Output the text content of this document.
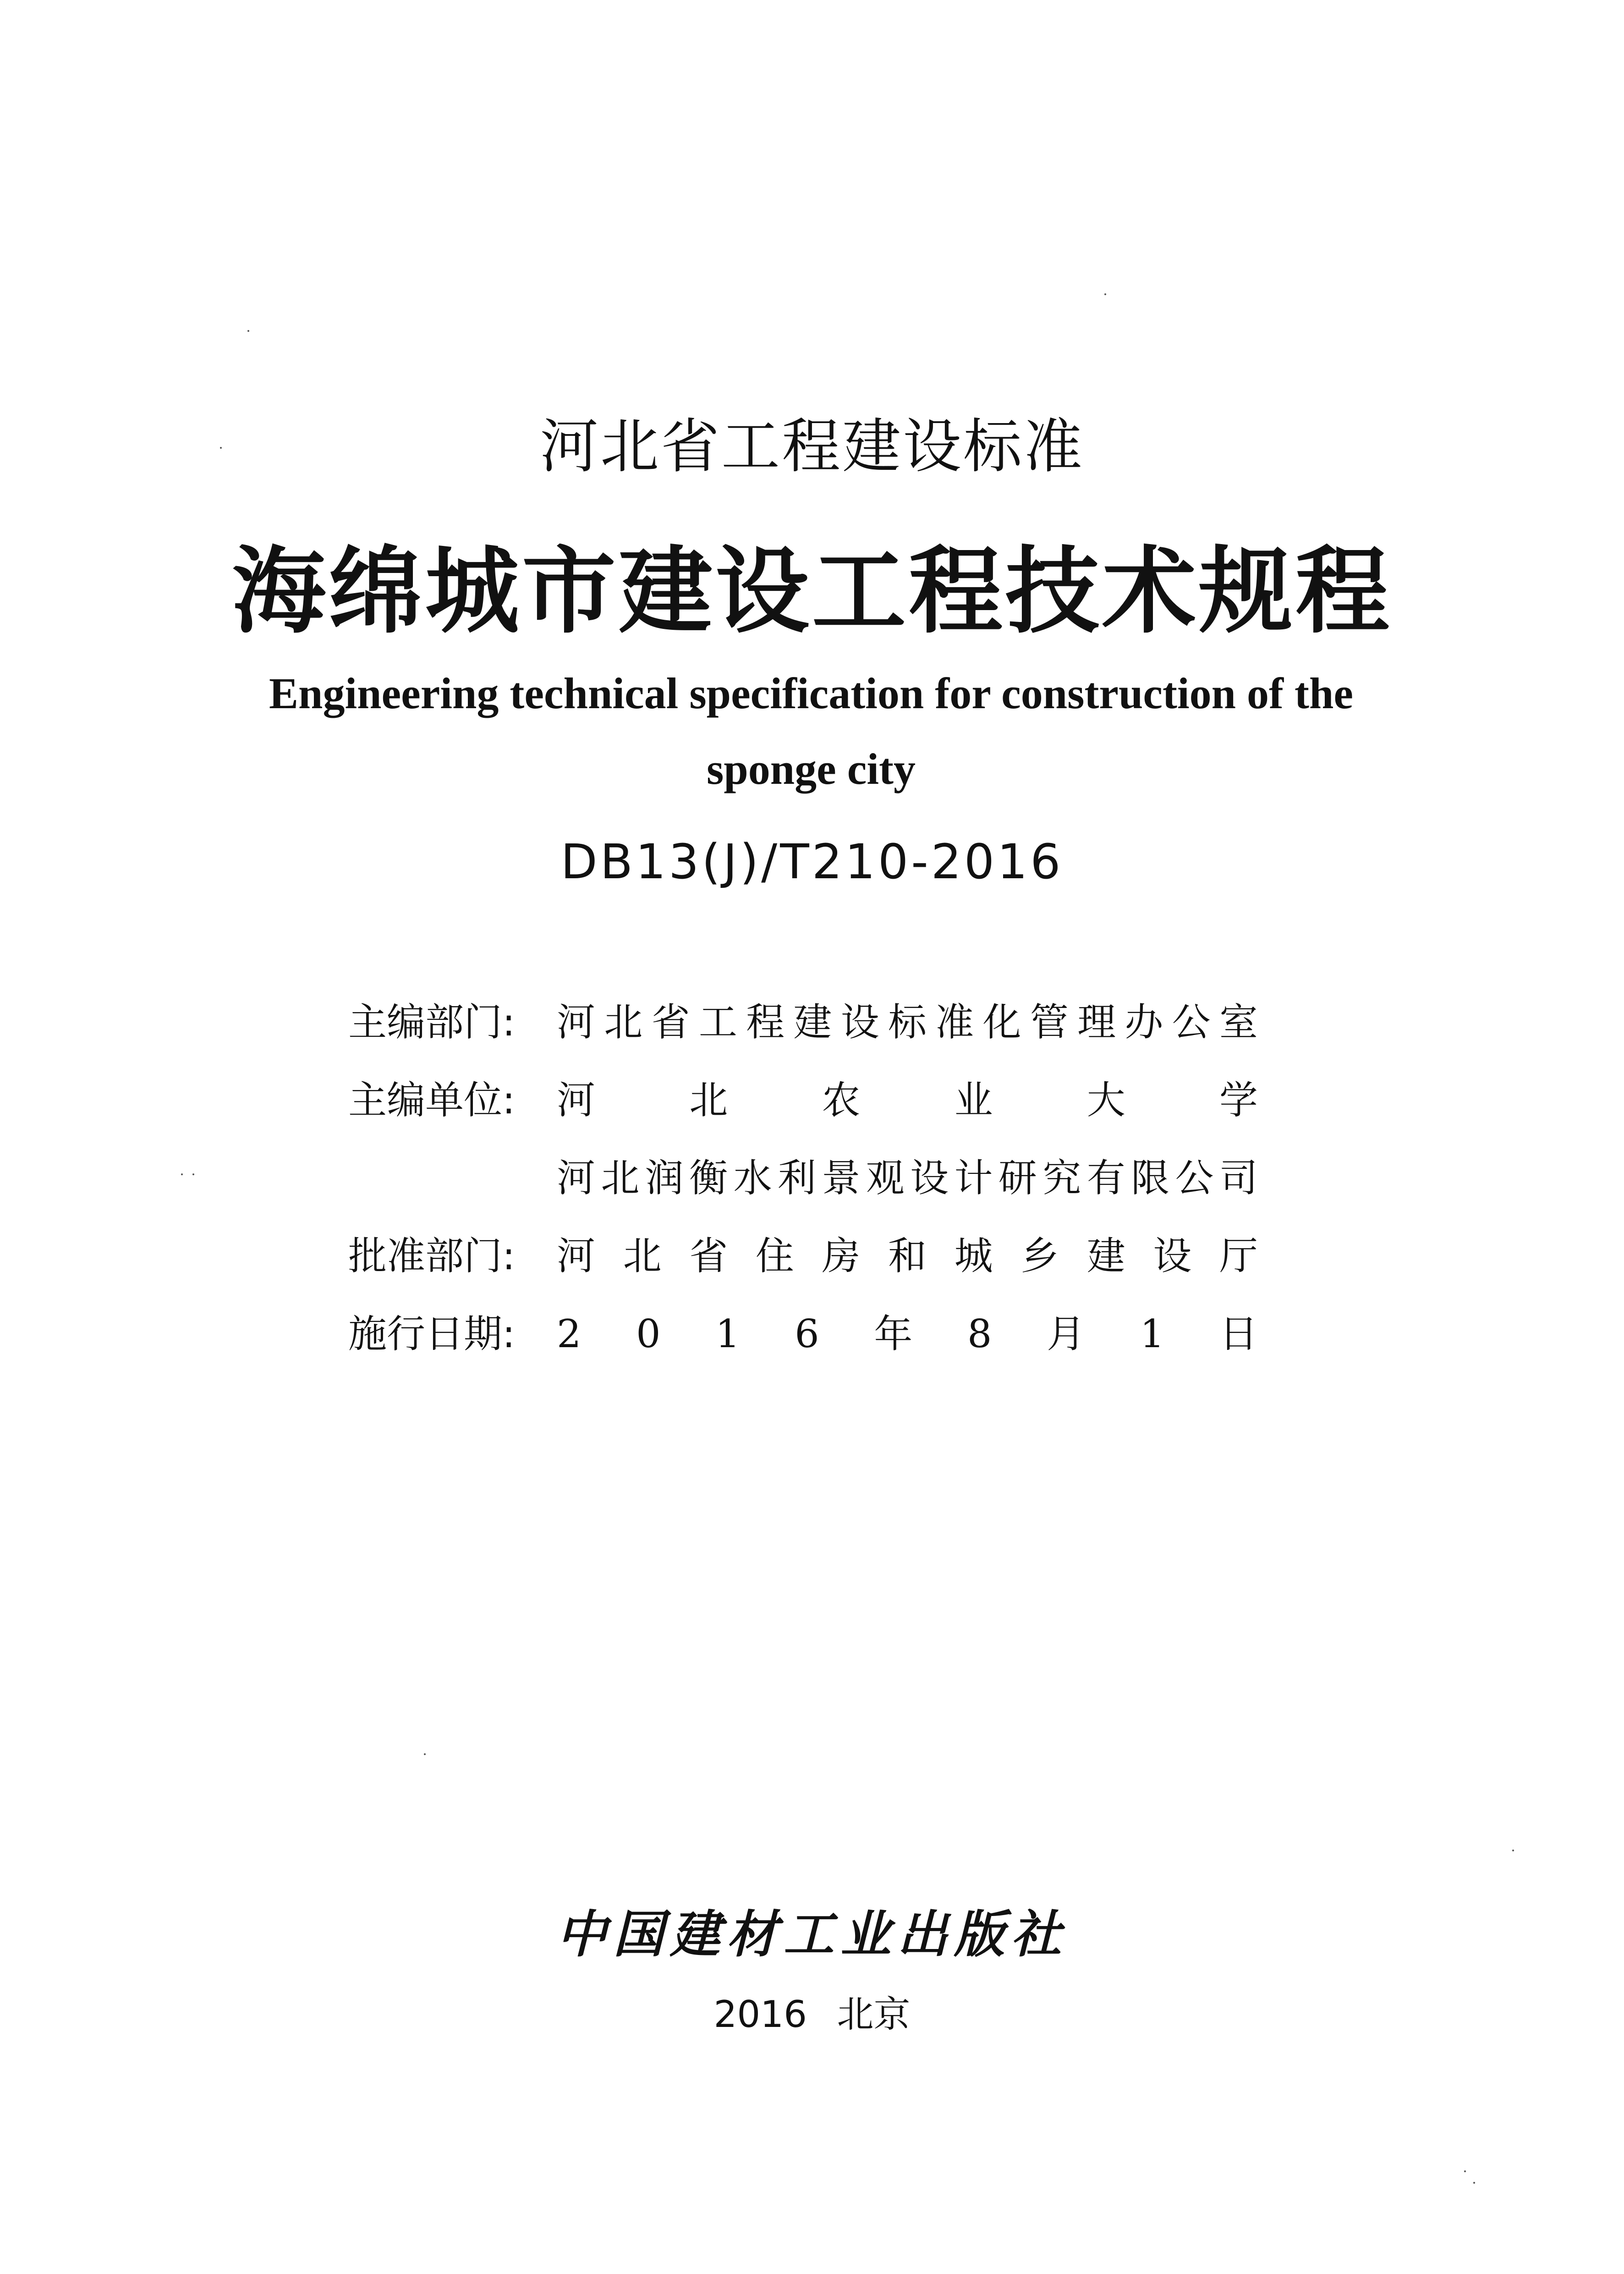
河北省工程建设标准
海绵城市建设工程技术规程
Engineering technical specification for construction of the sponge city
DB13(J)/T210-2016
主编部门:	河 北 省 工 程 建 设 标 准 化 管 理 办 公 室
主编单位:	河 北 农 业 大 学
河 北 润 衡 水 利 景 观 设 计 研 究 有 限 公 司
批准部门:	河 北 省 住 房 和 城 乡 建 设 厅
施行日期:	2 0 1 6 年 8 月 1 日
中国建材工业出版社
2016 北京
